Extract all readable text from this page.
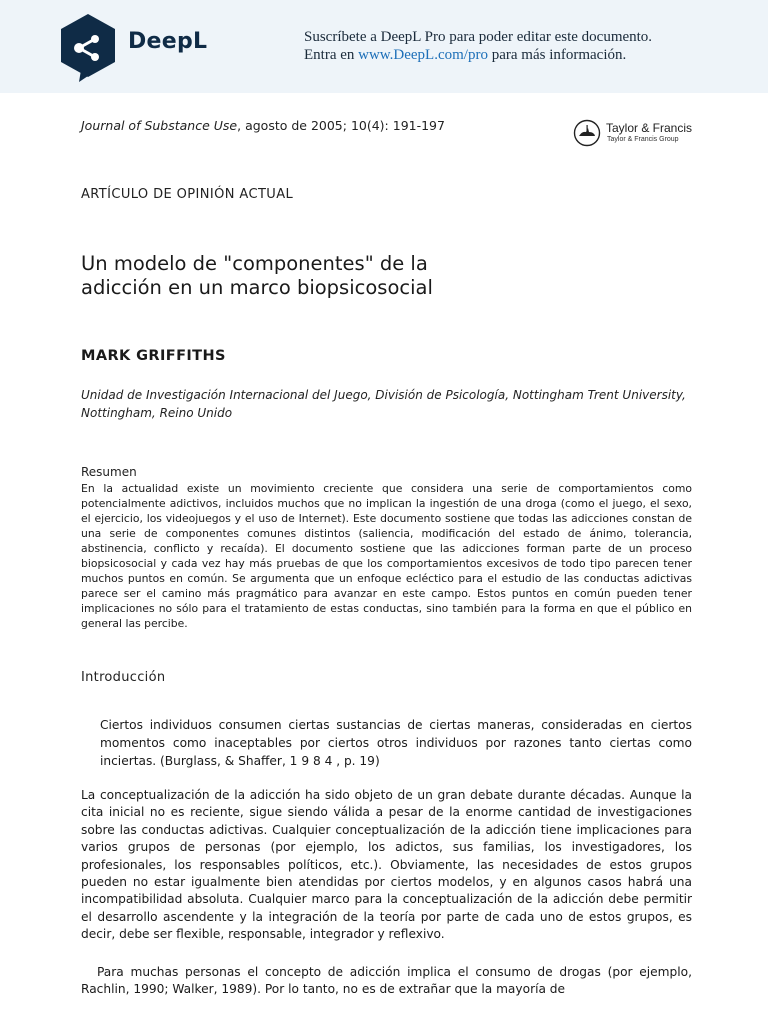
DeepL	Suscríbete a DeepL Pro para poder editar este documento.
Entra en www.DeepL.com/pro para más información.
Journal of Substance Use, agosto de 2005; 10(4): 191-197	Taylor & Francis
Taylor & Francis Group
ARTÍCULO DE OPINIÓN ACTUAL
Un modelo de "componentes" de la
adicción en un marco biopsicosocial
MARK GRIFFITHS
Unidad de Investigación Internacional del Juego, División de Psicología, Nottingham Trent University, Nottingham, Reino Unido
Resumen
En la actualidad existe un movimiento creciente que considera una serie de comportamientos como potencialmente adictivos, incluidos muchos que no implican la ingestión de una droga (como el juego, el sexo, el ejercicio, los videojuegos y el uso de Internet). Este documento sostiene que todas las adicciones constan de una serie de componentes comunes distintos (saliencia, modificación del estado de ánimo, tolerancia, abstinencia, conflicto y recaída). El documento sostiene que las adicciones forman parte de un proceso biopsicosocial y cada vez hay más pruebas de que los comportamientos excesivos de todo tipo parecen tener muchos puntos en común. Se argumenta que un enfoque ecléctico para el estudio de las conductas adictivas parece ser el camino más pragmático para avanzar en este campo. Estos puntos en común pueden tener implicaciones no sólo para el tratamiento de estas conductas, sino también para la forma en que el público en general las percibe.
Introducción
Ciertos individuos consumen ciertas sustancias de ciertas maneras, consideradas en ciertos momentos como inaceptables por ciertos otros individuos por razones tanto ciertas como inciertas. (Burglass, & Shaffer, 1 9 8 4 , p. 19)
La conceptualización de la adicción ha sido objeto de un gran debate durante décadas. Aunque la cita inicial no es reciente, sigue siendo válida a pesar de la enorme cantidad de investigaciones sobre las conductas adictivas. Cualquier conceptualización de la adicción tiene implicaciones para varios grupos de personas (por ejemplo, los adictos, sus familias, los investigadores, los profesionales, los responsables políticos, etc.). Obviamente, las necesidades de estos grupos pueden no estar igualmente bien atendidas por ciertos modelos, y en algunos casos habrá una incompatibilidad absoluta. Cualquier marco para la conceptualización de la adicción debe permitir el desarrollo ascendente y la integración de la teoría por parte de cada uno de estos grupos, es decir, debe ser flexible, responsable, integrador y reflexivo.
Para muchas personas el concepto de adicción implica el consumo de drogas (por ejemplo, Rachlin, 1990; Walker, 1989). Por lo tanto, no es de extrañar que la mayoría de
